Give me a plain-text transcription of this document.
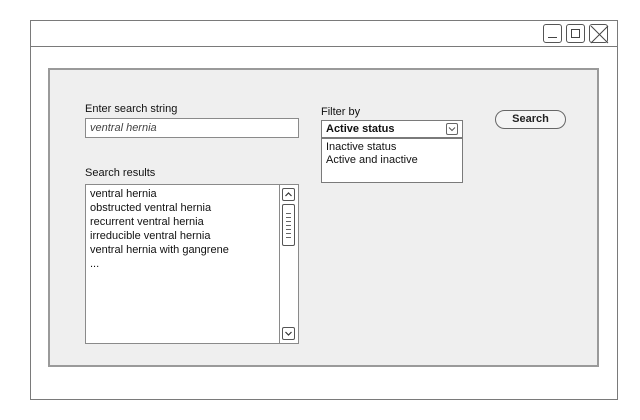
Enter search string
ventral hernia
Search results
ventral hernia
obstructed ventral hernia
recurrent ventral hernia
irreducible ventral hernia
ventral hernia with gangrene
...
Filter by
Active status
Inactive status
Active and inactive
Search
